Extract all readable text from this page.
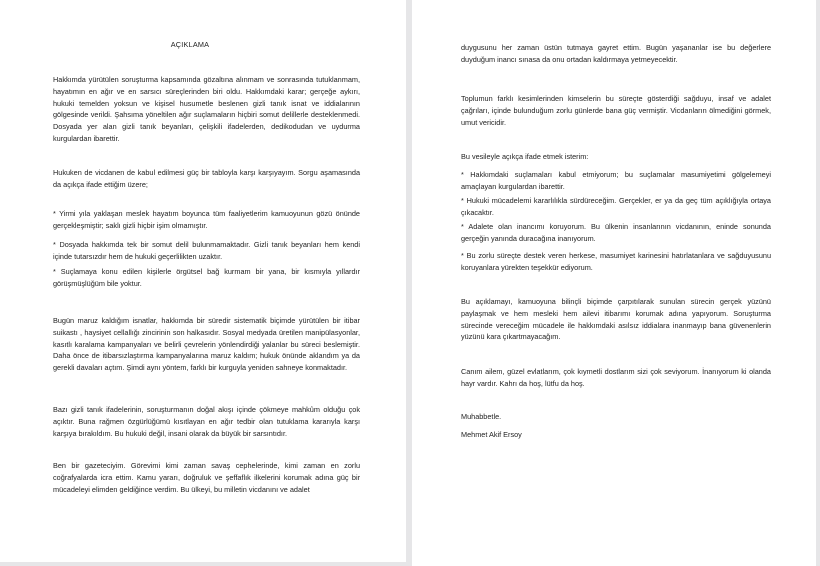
AÇIKLAMA

Hakkımda yürütülen soruşturma kapsamında gözaltına alınmam ve sonrasında tutuklanmam, hayatımın en ağır ve en sarsıcı süreçlerinden biri oldu. Hakkımdaki karar; gerçeğe aykırı, hukuki temelden yoksun ve kişisel husumetle beslenen gizli tanık isnat ve iddialarının gölgesinde verildi. Şahsıma yöneltilen ağır suçlamaların hiçbiri somut delillerle desteklenmedi. Dosyada yer alan gizli tanık beyanları, çelişkili ifadelerden, dedikodudan ve uydurma kurgulardan ibarettir.

Hukuken de vicdanen de kabul edilmesi güç bir tabloyla karşı karşıyayım. Sorgu aşamasında da açıkça ifade ettiğim üzere;

* Yirmi yıla yaklaşan meslek hayatım boyunca tüm faaliyetlerim kamuoyunun gözü önünde gerçekleşmiştir; saklı gizli hiçbir işim olmamıştır.

* Dosyada hakkımda tek bir somut delil bulunmamaktadır. Gizli tanık beyanları hem kendi içinde tutarsızdır hem de hukuki geçerlilikten uzaktır.

* Suçlamaya konu edilen kişilerle örgütsel bağ kurmam bir yana, bir kısmıyla yıllardır görüşmüşlüğüm bile yoktur.

Bugün maruz kaldığım isnatlar, hakkımda bir süredir sistematik biçimde yürütülen bir itibar suikastı , haysiyet cellallığı zincirinin son halkasıdır. Sosyal medyada üretilen manipülasyonlar, kasıtlı karalama kampanyaları ve belirli çevrelerin yönlendirdiği yalanlar bu süreci beslemiştir. Daha önce de itibarsızlaştırma kampanyalarına maruz kaldım; hukuk önünde aklandım ya da gerekli davaları açtım. Şimdi aynı yöntem, farklı bir kurguyla yeniden sahneye konmaktadır.

Bazı gizli tanık ifadelerinin, soruşturmanın doğal akışı içinde çökmeye mahkûm olduğu çok açıktır. Buna rağmen özgürlüğümü kısıtlayan en ağır tedbir olan tutuklama kararıyla karşı karşıya bırakıldım. Bu hukuki değil, insani olarak da büyük bir sarsıntıdır.

Ben bir gazeteciyim. Görevimi kimi zaman savaş cephelerinde, kimi zaman en zorlu coğrafyalarda icra ettim. Kamu yararı, doğruluk ve şeffaflık ilkelerini korumak adına güç bir mücadeleyi elimden geldiğince verdim. Bu ülkeyi, bu milletin vicdanını ve adalet

duygusunu her zaman üstün tutmaya gayret ettim. Bugün yaşananlar ise bu değerlere duyduğum inancı sınasa da onu ortadan kaldırmaya yetmeyecektir.

Toplumun farklı kesimlerinden kimselerin bu süreçte gösterdiği sağduyu, insaf ve adalet çağrıları, içinde bulunduğum zorlu günlerde bana güç vermiştir. Vicdanların ölmediğini görmek, umut vericidir.

Bu vesileyle açıkça ifade etmek isterim:

* Hakkımdaki suçlamaları kabul etmiyorum; bu suçlamalar masumiyetimi gölgelemeyi amaçlayan kurgulardan ibarettir.

* Hukuki mücadelemi kararlılıkla sürdüreceğim. Gerçekler, er ya da geç tüm açıklığıyla ortaya çıkacaktır.

* Adalete olan inancımı koruyorum. Bu ülkenin insanlarının vicdanının, eninde sonunda gerçeğin yanında duracağına inanıyorum.

* Bu zorlu süreçte destek veren herkese, masumiyet karinesini hatırlatanlara ve sağduyusunu koruyanlara yürekten teşekkür ediyorum.

Bu açıklamayı, kamuoyuna bilinçli biçimde çarpıtılarak sunulan sürecin gerçek yüzünü paylaşmak ve hem mesleki hem ailevi itibarımı korumak adına yapıyorum. Soruşturma sürecinde vereceğim mücadele ile hakkımdaki asılsız iddialara inanmayıp bana güvenenlerin yüzünü kara çıkartmayacağım.

Canım ailem, güzel evlatlarım, çok kıymetli dostlarım sizi çok seviyorum. İnanıyorum ki olanda hayr vardır. Kahrı da hoş, lütfu da hoş.

Muhabbetle.

Mehmet Akif Ersoy
